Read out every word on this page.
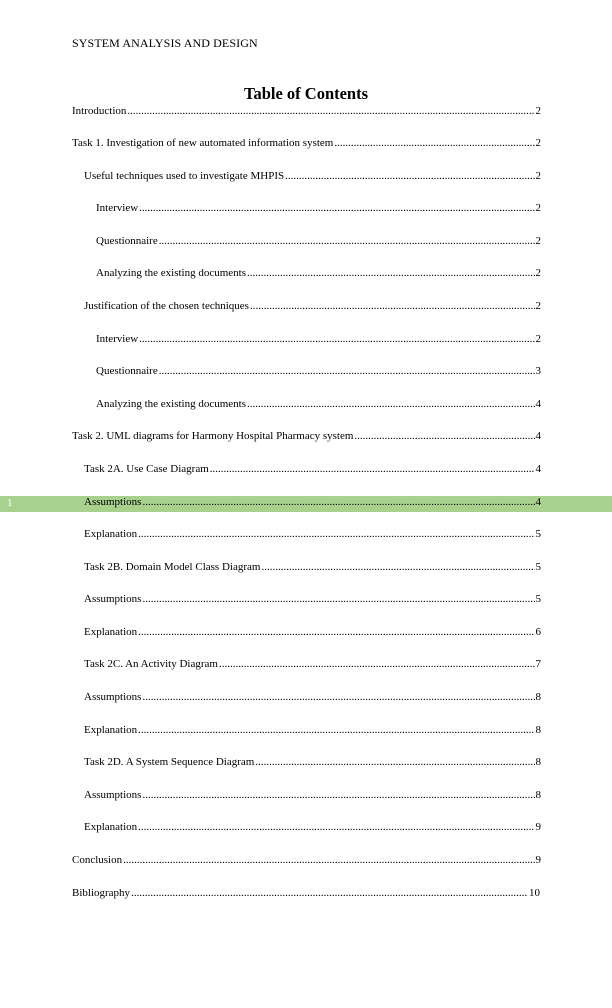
SYSTEM ANALYSIS AND DESIGN
Table of Contents
1
Introduction .....	2
Task 1. Investigation of new automated information system .....	2
Useful techniques used to investigate MHPIS .....	2
Interview .....	2
Questionnaire .....	2
Analyzing the existing documents .....	2
Justification of the chosen techniques .....	2
Interview .....	2
Questionnaire .....	3
Analyzing the existing documents .....	4
Task 2. UML diagrams for Harmony Hospital Pharmacy system .....	4
Task 2A. Use Case Diagram .....	4
Assumptions .....	4
Explanation .....	5
Task 2B. Domain Model Class Diagram .....	5
Assumptions .....	5
Explanation .....	6
Task 2C. An Activity Diagram .....	7
Assumptions .....	8
Explanation .....	8
Task 2D. A System Sequence Diagram .....	8
Assumptions .....	8
Explanation .....	9
Conclusion .....	9
Bibliography .....	10
